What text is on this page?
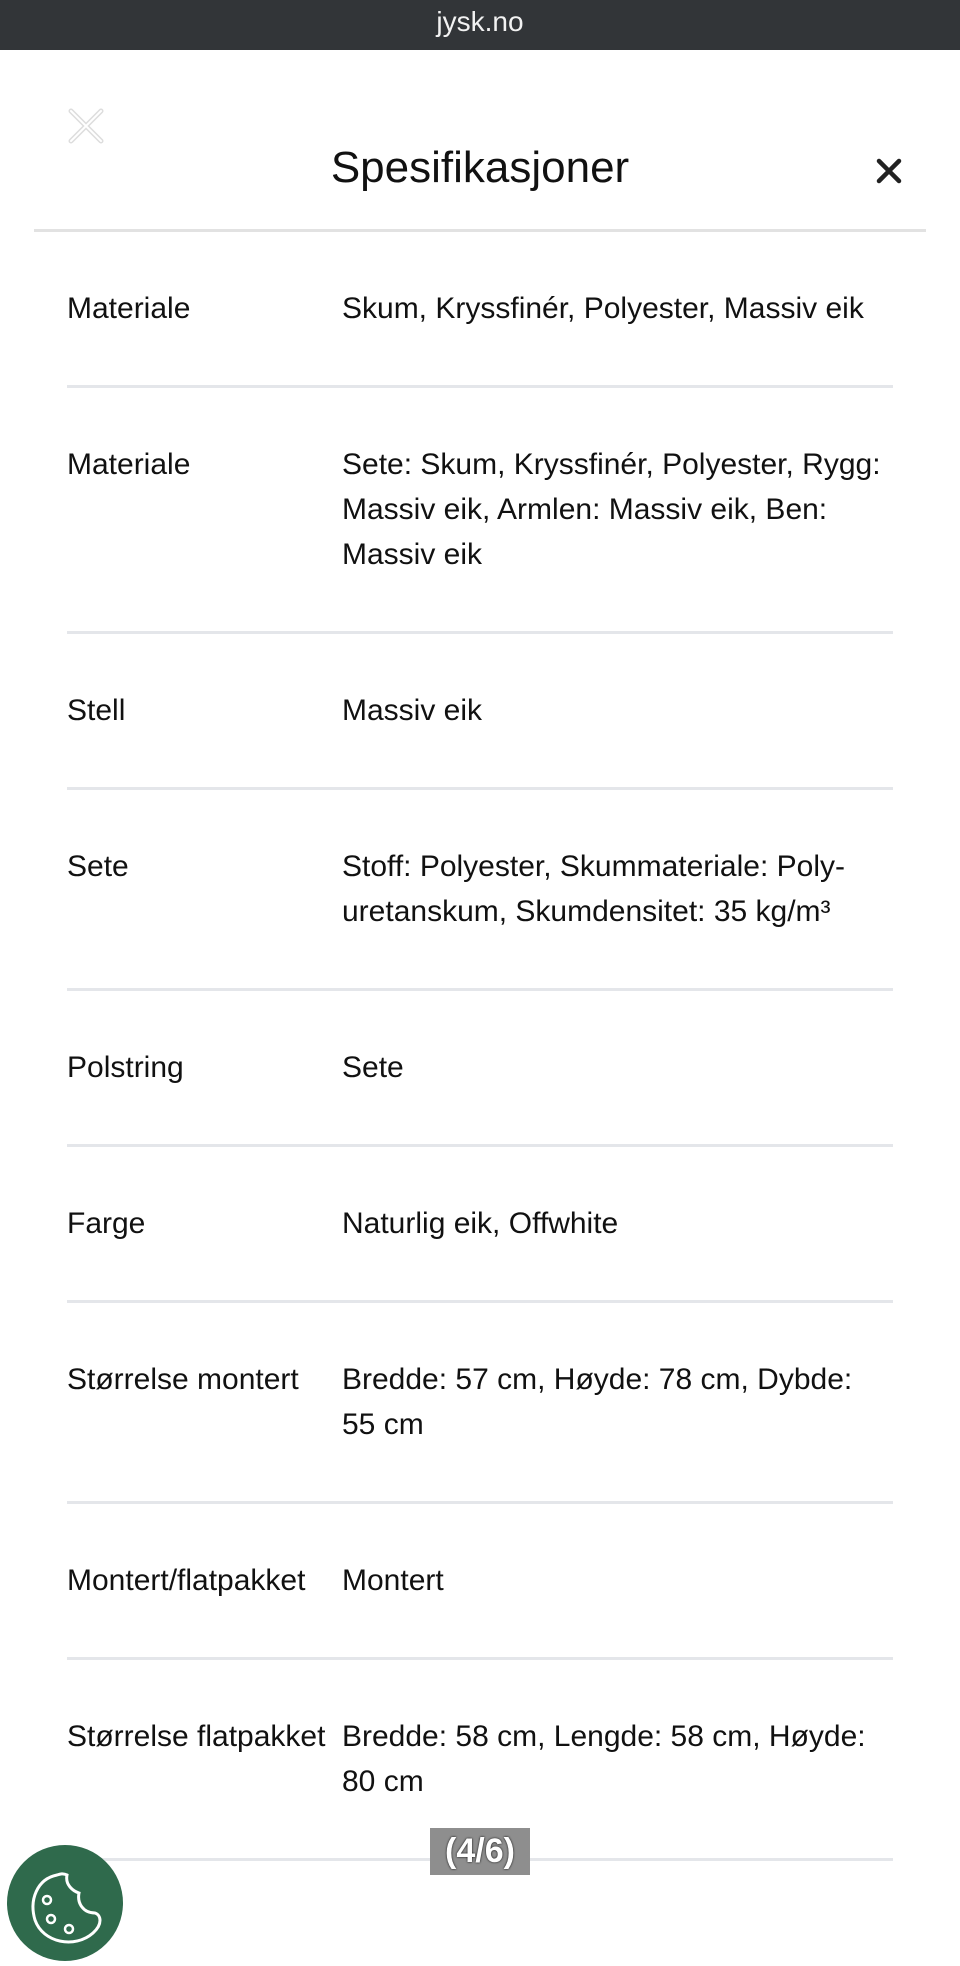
jysk.no
Spesifikasjoner
Materiale	Skum, Kryssfinér, Polyester, Massiv eik
Materiale	Sete: Skum, Kryssfinér, Polyester, Rygg: Massiv eik, Armlen: Massiv eik, Ben: Massiv eik
Stell	Massiv eik
Sete	Stoff: Polyester, Skummateriale: Polyuretanskum, Skumdensitet: 35 kg/m³
Polstring	Sete
Farge	Naturlig eik, Offwhite
Størrelse montert	Bredde: 57 cm, Høyde: 78 cm, Dybde: 55 cm
Montert/flatpakket	Montert
Størrelse flatpakket Bredde: 58 cm, Lengde: 58 cm, Høyde: 80 cm
(4/6)
